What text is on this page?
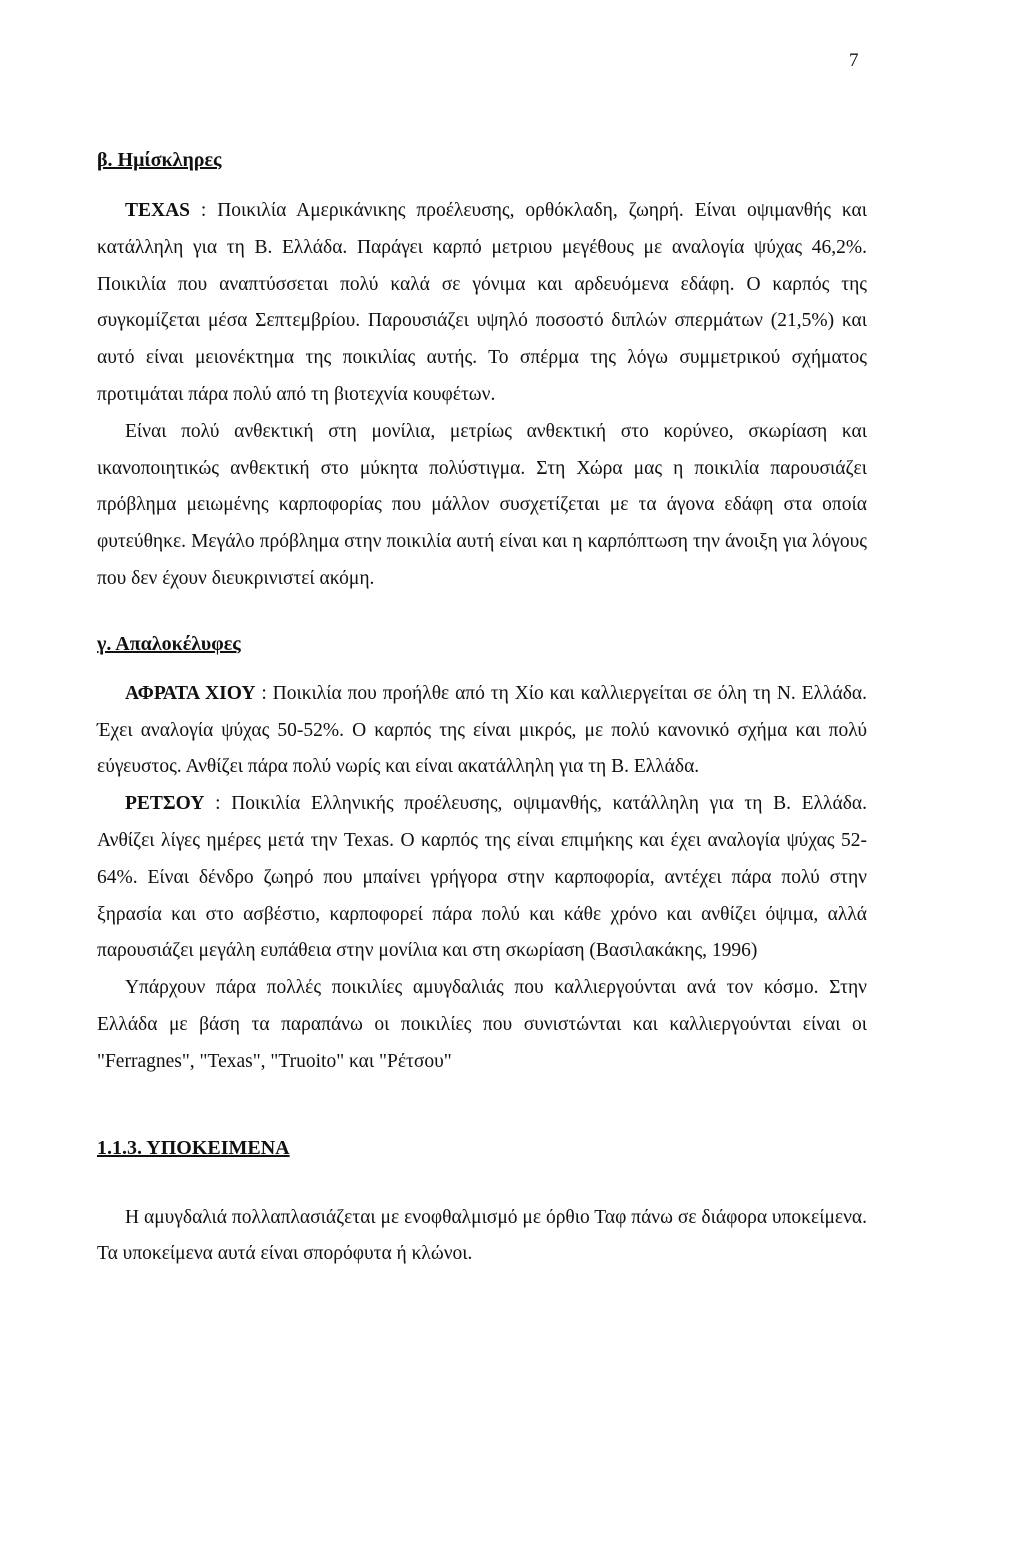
7
β. Ημίσκληρες

TEXAS : Ποικιλία Αμερικάνικης προέλευσης, ορθόκλαδη, ζωηρή. Είναι οψιμανθής και κατάλληλη για τη Β. Ελλάδα. Παράγει καρπό μετριου μεγέθους με αναλογία ψύχας 46,2%. Ποικιλία που αναπτύσσεται πολύ καλά σε γόνιμα και αρδευόμενα εδάφη. Ο καρπός της συγκομίζεται μέσα Σεπτεμβρίου. Παρουσιάζει υψηλό ποσοστό διπλών σπερμάτων (21,5%) και αυτό είναι μειονέκτημα της ποικιλίας αυτής. Το σπέρμα της λόγω συμμετρικού σχήματος προτιμάται πάρα πολύ από τη βιοτεχνία κουφέτων.

Είναι πολύ ανθεκτική στη μονίλια, μετρίως ανθεκτική στο κορύνεο, σκωρίαση και ικανοποιητικώς ανθεκτική στο μύκητα πολύστιγμα. Στη Χώρα μας η ποικιλία παρουσιάζει πρόβλημα μειωμένης καρποφορίας που μάλλον συσχετίζεται με τα άγονα εδάφη στα οποία φυτεύθηκε. Μεγάλο πρόβλημα στην ποικιλία αυτή είναι και η καρπόπτωση την άνοιξη για λόγους που δεν έχουν διευκρινιστεί ακόμη.

γ. Απαλοκέλυφες

ΑΦΡΑΤΑ ΧΙΟΥ : Ποικιλία που προήλθε από τη Χίο και καλλιεργείται σε όλη τη Ν. Ελλάδα. Έχει αναλογία ψύχας 50-52%. Ο καρπός της είναι μικρός, με πολύ κανονικό σχήμα και πολύ εύγευστος. Ανθίζει πάρα πολύ νωρίς και είναι ακατάλληλη για τη Β. Ελλάδα.

ΡΕΤΣΟΥ : Ποικιλία Ελληνικής προέλευσης, οψιμανθής, κατάλληλη για τη Β. Ελλάδα. Ανθίζει λίγες ημέρες μετά την Texas. Ο καρπός της είναι επιμήκης και έχει αναλογία ψύχας 52-64%. Είναι δένδρο ζωηρό που μπαίνει γρήγορα στην καρποφορία, αντέχει πάρα πολύ στην ξηρασία και στο ασβέστιο, καρποφορεί πάρα πολύ και κάθε χρόνο και ανθίζει όψιμα, αλλά παρουσιάζει μεγάλη ευπάθεια στην μονίλια και στη σκωρίαση (Βασιλακάκης, 1996)

Υπάρχουν πάρα πολλές ποικιλίες αμυγδαλιάς που καλλιεργούνται ανά τον κόσμο. Στην Ελλάδα με βάση τα παραπάνω οι ποικιλίες που συνιστώνται και καλλιεργούνται είναι οι "Ferragnes", "Texas", "Truoito" και "Ρέτσου"

1.1.3. ΥΠΟΚΕΙΜΕΝΑ

Η αμυγδαλιά πολλαπλασιάζεται με ενοφθαλμισμό με όρθιο Ταφ πάνω σε διάφορα υποκείμενα. Τα υποκείμενα αυτά είναι σπορόφυτα ή κλώνοι.
